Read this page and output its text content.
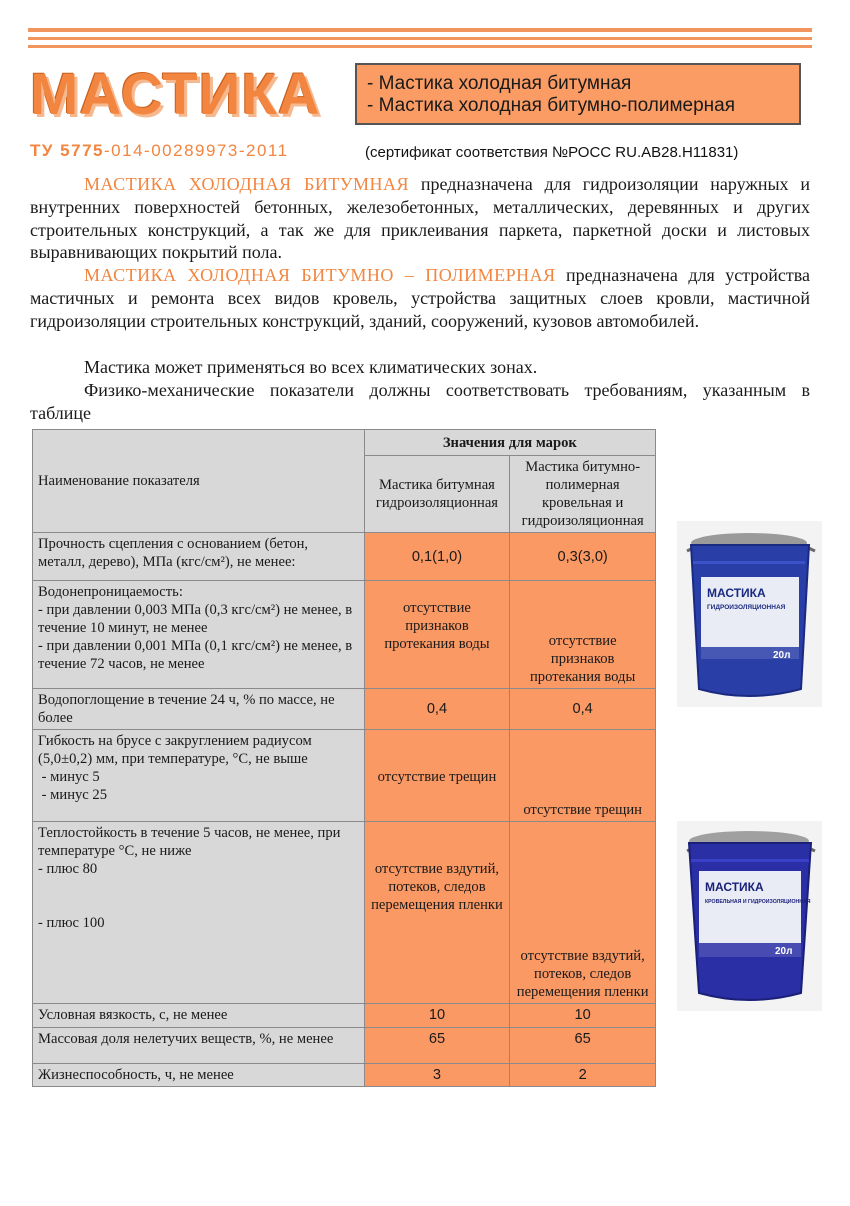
МАСТИКА - Мастика холодная битумная
- Мастика холодная битумно-полимерная
ТУ 5775-014-00289973-2011	(сертификат соответствия №РОСС RU.АВ28.Н11831)
МАСТИКА ХОЛОДНАЯ БИТУМНАЯ предназначена для гидроизоляции наружных и внутренних поверхностей бетонных, железобетонных, металлических, деревянных и других строительных конструкций, а так же для приклеивания паркета, паркетной доски и листовых выравнивающих покрытий пола.
МАСТИКА ХОЛОДНАЯ БИТУМНО – ПОЛИМЕРНАЯ предназначена для устройства мастичных и ремонта всех видов кровель, устройства защитных слоев кровли, мастичной гидроизоляции строительных конструкций, зданий, сооружений, кузовов автомобилей.
Мастика может применяться во всех климатических зонах.
Физико-механические показатели должны соответствовать требованиям, указанным в таблице
Наименование показателя	Значения для марок	
	Мастика битумная гидроизоляционная	Мастика битумно-полимерная кровельная и гидроизоляционная
Прочность сцепления с основанием (бетон, металл, дерево), МПа (кгс/см²), не менее:	0,1(1,0)	0,3(3,0)

Водонепроницаемость:
- при давлении 0,003 МПа (0,3 кгс/см²) не менее, в течение 10 минут, не менее
- при давлении 0,001 МПа (0,1 кгс/см²) не менее, в течение 72 часов, не менее	отсутствие признаков протекания воды	отсутствие признаков протекания воды
Водопоглощение в течение 24 ч, % по массе, не более	0,4	0,4

Гибкость на брусе с закруглением радиусом (5,0±0,2) мм, при температуре, °С, не выше
- минус 5
- минус 25	отсутствие трещин	отсутствие трещин

Теплостойкость в течение 5 часов, не менее, при температуре °С, не ниже
- плюс 80
- плюс 100	отсутствие вздутий, потеков, следов перемещения пленки	отсутствие вздутий, потеков, следов перемещения пленки
Условная вязкость, с, не менее	10	10
Массовая доля нелетучих веществ, %, не менее	65	65
Жизнеспособность, ч, не менее	3	2
МАСТИКА
ГИДРОИЗОЛЯЦИОННАЯ
20л
МАСТИКА
КРОВЕЛЬНАЯ И ГИДРОИЗОЛЯЦИОННАЯ
20л
